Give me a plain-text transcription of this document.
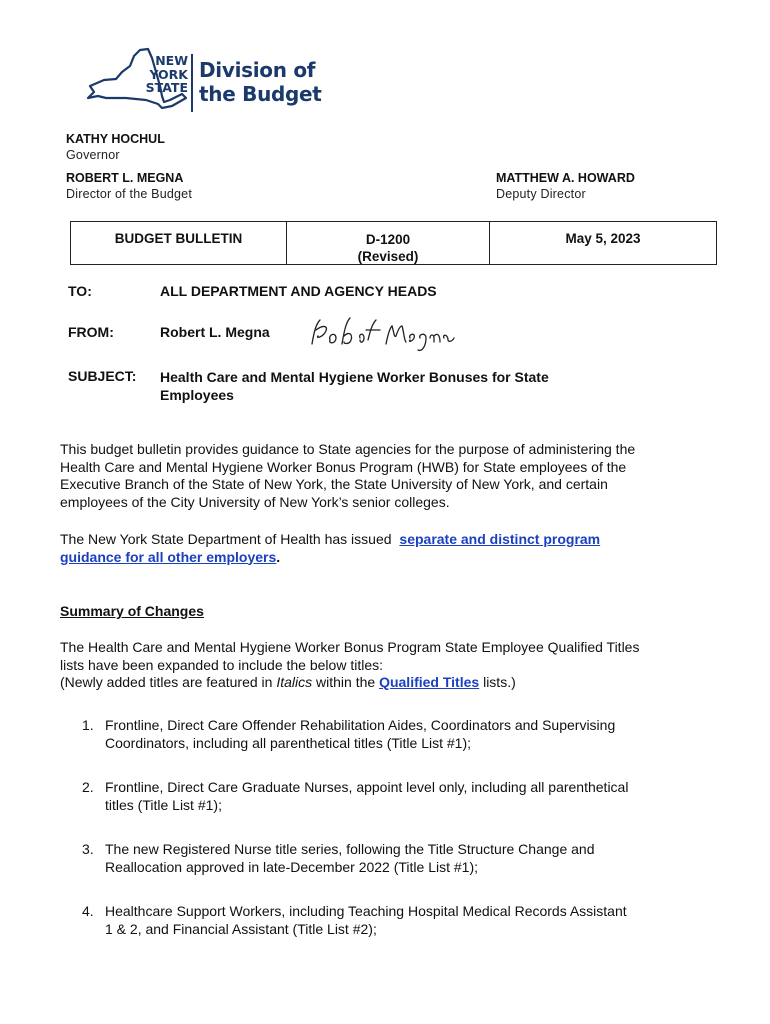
NEW
YORK
STATE
Division of
the Budget
KATHY HOCHUL
Governor
ROBERT L. MEGNA
Director of the Budget
MATTHEW A. HOWARD
Deputy Director
BUDGET BULLETIN	D-1200
(Revised)
May 5, 2023
TO:	ALL DEPARTMENT AND AGENCY HEADS
FROM:	Robert L. Megna
SUBJECT: Health Care and Mental Hygiene Worker Bonuses for State
Employees
This budget bulletin provides guidance to State agencies for the purpose of administering the
Health Care and Mental Hygiene Worker Bonus Program (HWB) for State employees of the
Executive Branch of the State of New York, the State University of New York, and certain
employees of the City University of New York’s senior colleges.
The New York State Department of Health has issued separate and distinct program
guidance for all other employers.
Summary of Changes
The Health Care and Mental Hygiene Worker Bonus Program State Employee Qualified Titles
lists have been expanded to include the below titles:
(Newly added titles are featured in Italics within the Qualified Titles lists.)
1. Frontline, Direct Care Offender Rehabilitation Aides, Coordinators and Supervising
Coordinators, including all parenthetical titles (Title List #1);
2. Frontline, Direct Care Graduate Nurses, appoint level only, including all parenthetical
titles (Title List #1);
3. The new Registered Nurse title series, following the Title Structure Change and
Reallocation approved in late-December 2022 (Title List #1);
4. Healthcare Support Workers, including Teaching Hospital Medical Records Assistant
1 & 2, and Financial Assistant (Title List #2);
